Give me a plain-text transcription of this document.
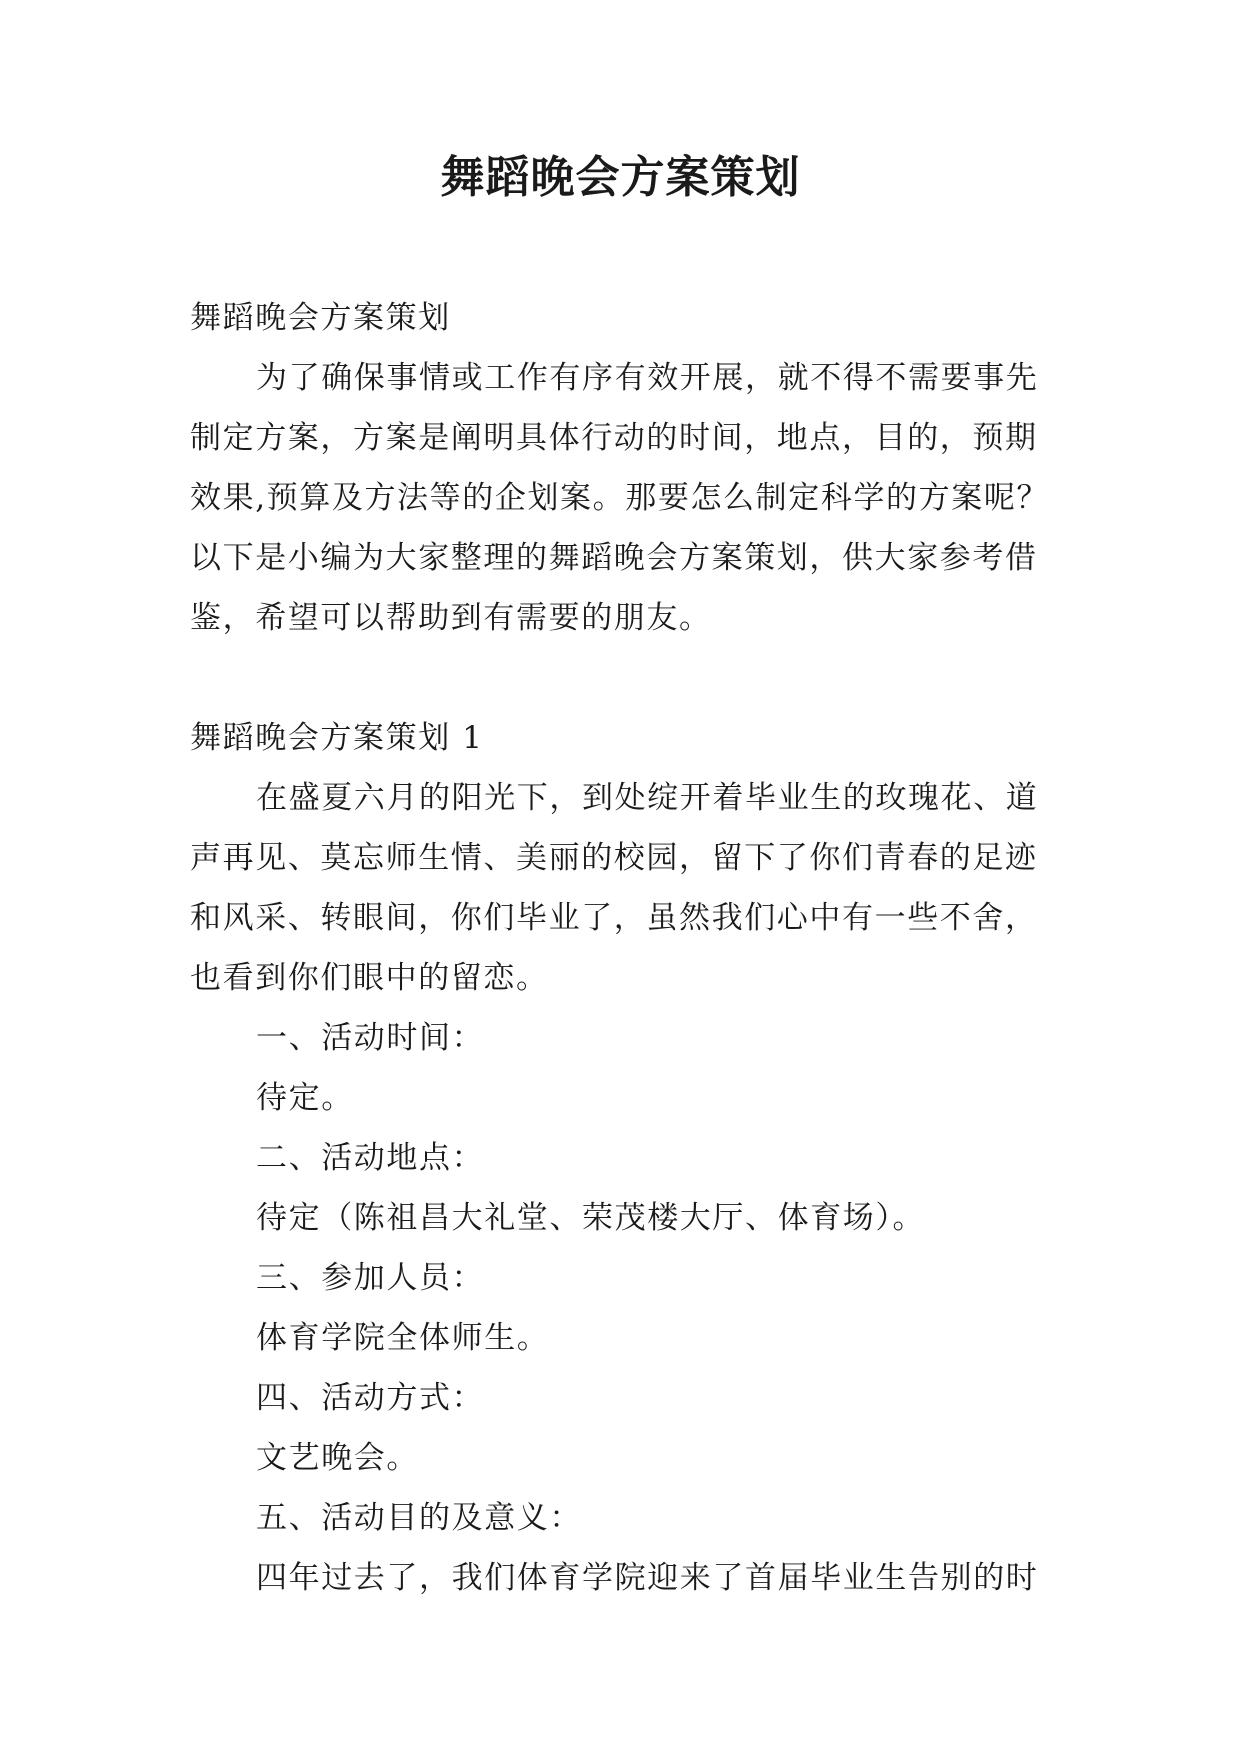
舞蹈晚会方案策划

舞蹈晚会方案策划

为了确保事情或工作有序有效开展，就不得不需要事先

制定方案，方案是阐明具体行动的时间，地点，目的，预期

效果,预算及方法等的企划案。那要怎么制定科学的方案呢？

以下是小编为大家整理的舞蹈晚会方案策划，供大家参考借

鉴，希望可以帮助到有需要的朋友。

舞蹈晚会方案策划 1

在盛夏六月的阳光下，到处绽开着毕业生的玫瑰花、道

声再见、莫忘师生情、美丽的校园，留下了你们青春的足迹

和风采、转眼间，你们毕业了，虽然我们心中有一些不舍，

也看到你们眼中的留恋。

一、活动时间：

待定。

二、活动地点：

待定（陈祖昌大礼堂、荣茂楼大厅、体育场）。

三、参加人员：

体育学院全体师生。

四、活动方式：

文艺晚会。

五、活动目的及意义：

四年过去了，我们体育学院迎来了首届毕业生告别的时
